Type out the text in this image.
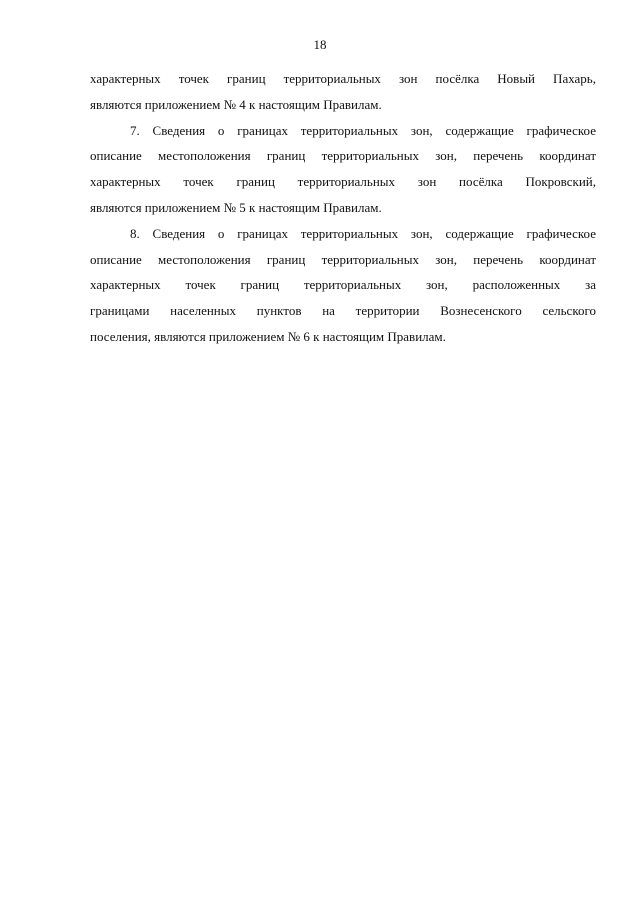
18
характерных точек границ территориальных зон посёлка Новый Пахарь,
являются приложением № 4 к настоящим Правилам.
7. Сведения о границах территориальных зон, содержащие графическое
описание местоположения границ территориальных зон, перечень координат
характерных точек границ территориальных зон посёлка Покровский,
являются приложением № 5 к настоящим Правилам.
8. Сведения о границах территориальных зон, содержащие графическое
описание местоположения границ территориальных зон, перечень координат
характерных точек границ территориальных зон, расположенных за
границами населенных пунктов на территории Вознесенского сельского
поселения, являются приложением № 6 к настоящим Правилам.
